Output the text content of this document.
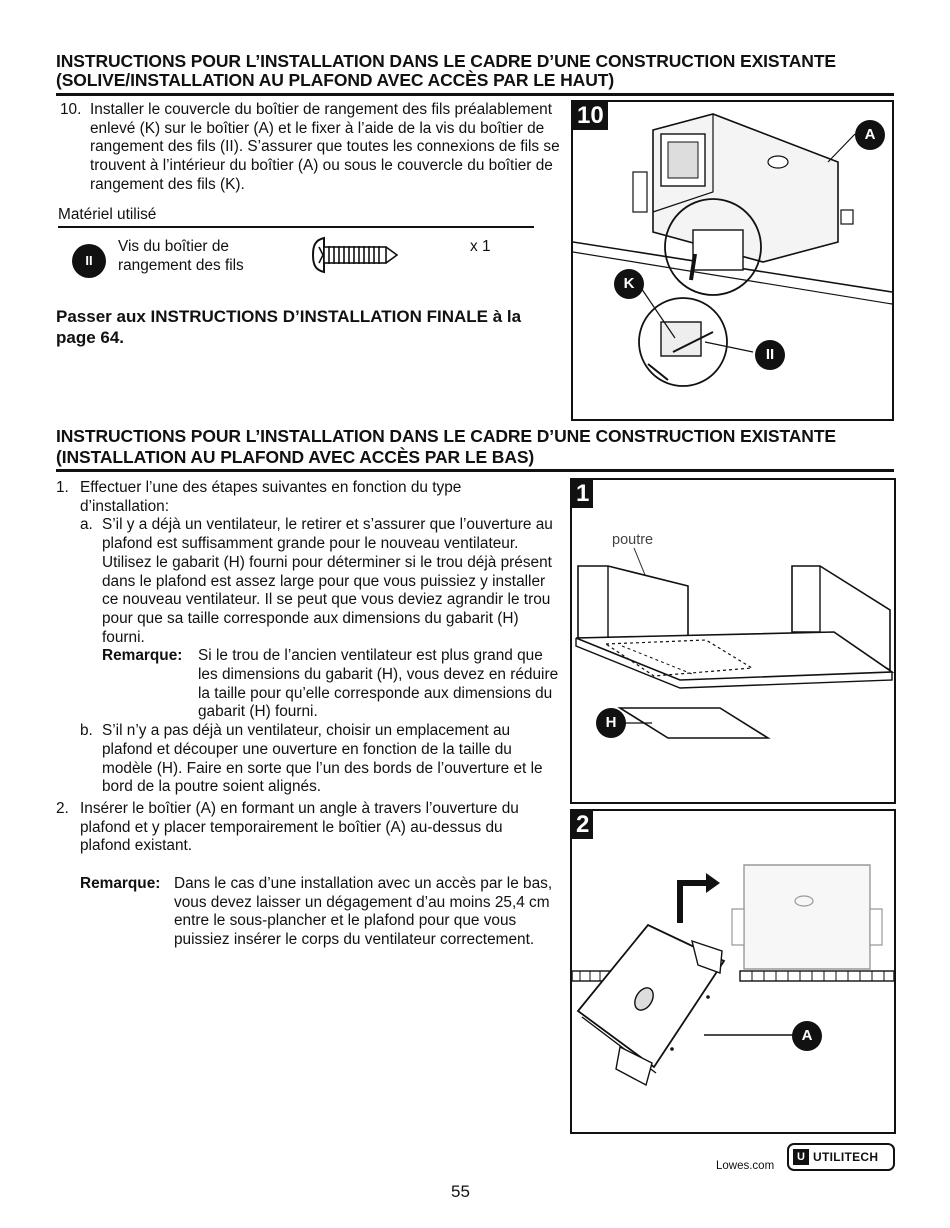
INSTRUCTIONS POUR L’INSTALLATION DANS LE CADRE D’UNE CONSTRUCTION EXISTANTE
(SOLIVE/INSTALLATION AU PLAFOND AVEC ACCÈS PAR LE HAUT)
10. Installer le couvercle du boîtier de rangement des fils préalablement enlevé (K) sur le boîtier (A) et le fixer à l’aide de la vis du boîtier de rangement des fils (II). S’assurer que toutes les connexions de fils se trouvent à l’intérieur du boîtier (A) ou sous le couvercle du boîtier de rangement des fils (K).
Matériel utilisé
II
Vis du boîtier de rangement des fils
x 1
Passer aux INSTRUCTIONS D’INSTALLATION FINALE à la page 64.
10
A
K
II
INSTRUCTIONS POUR L’INSTALLATION DANS LE CADRE D’UNE CONSTRUCTION EXISTANTE
(INSTALLATION AU PLAFOND AVEC ACCÈS PAR LE BAS)
1. Effectuer l’une des étapes suivantes en fonction du type d’installation:
a. S’il y a déjà un ventilateur, le retirer et s’assurer que l’ouverture au plafond est suffisamment grande pour le nouveau ventilateur. Utilisez le gabarit (H) fourni pour déterminer si le trou déjà présent dans le plafond est assez large pour que vous puissiez y installer ce nouveau ventilateur. Il se peut que vous deviez agrandir le trou pour que sa taille corresponde aux dimensions du gabarit (H) fourni.
Remarque:	Si le trou de l’ancien ventilateur est plus grand que les dimensions du gabarit (H), vous devez en réduire la taille pour qu’elle corresponde aux dimensions du gabarit (H) fourni.
b. S’il n’y a pas déjà un ventilateur, choisir un emplacement au plafond et découper une ouverture en fonction de la taille du modèle (H). Faire en sorte que l’un des bords de l’ouverture et le bord de la poutre soient alignés.
2. Insérer le boîtier (A) en formant un angle à travers l’ouverture du plafond et y placer temporairement le boîtier (A) au-dessus du plafond existant.
Remarque: Dans le cas d’une installation avec un accès par le bas, vous devez laisser un dégagement d’au moins 25,4 cm entre le sous-plancher et le plafond pour que vous puissiez insérer le corps du ventilateur correctement.
1
poutre
H
2
A
Lowes.com
U UTILITECH
55
